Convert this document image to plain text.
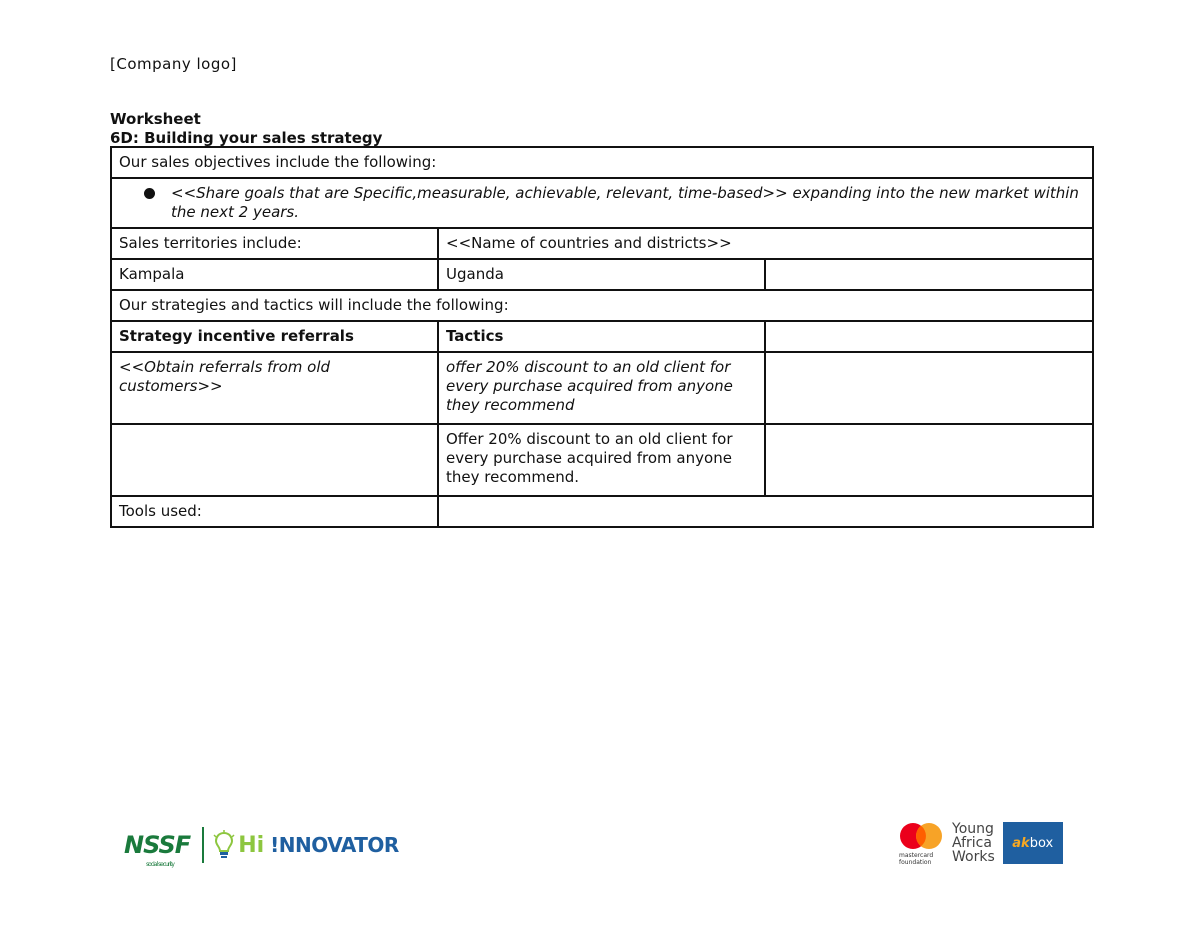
[Company logo]
Worksheet
6D: Building your sales strategy
Our sales objectives include the following:		

<<Share goals that are Specific,measurable, achievable, relevant, time-based>> expanding into the new market within the next 2 years.		

Sales territories include:	<<Name of countries and districts>>	
Kampala	Uganda	
Our strategies and tactics will include the following:		
Strategy incentive referrals	Tactics	
<<Obtain referrals from old customers>>	offer 20% discount to an old client for every purchase acquired from anyone they recommend	
	Offer 20% discount to an old client for every purchase acquired from anyone they recommend.	
Tools used:		
NSSF
social security
Hi !NNOVATOR	mastercard
foundation
Young
Africa
Works
ak box
